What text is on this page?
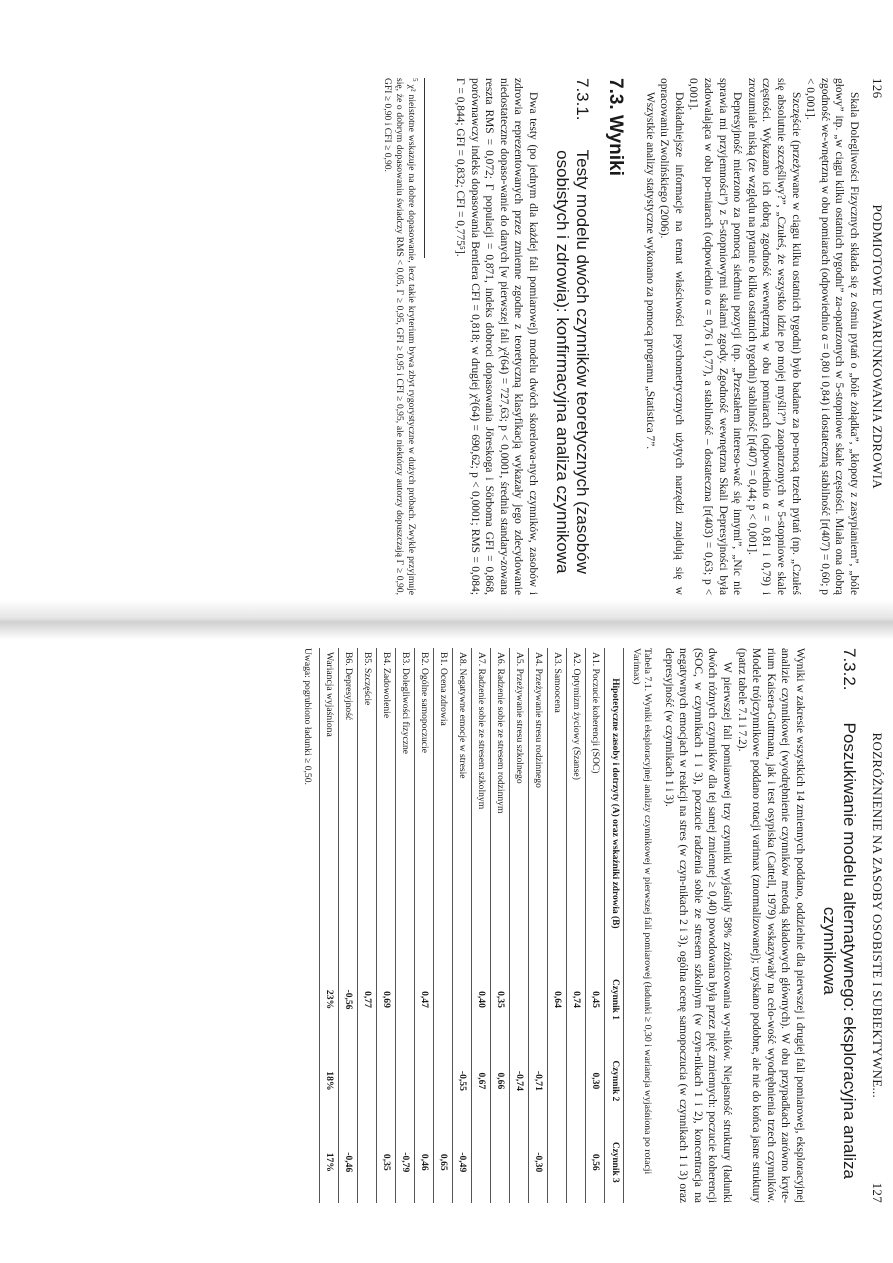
126
PODMIOTOWE UWARUNKOWANIA ZDROWIA

Skala Dolegliwości Fizycznych składa się z ośmiu pytań o „bóle żołądka”, „kłopoty z zasypianiem”, „bóle głowy” itp. „w ciągu kilku ostatnich tygodni” za-opatrzonych w 5-stopniowe skale częstości. Miała ona dobrą zgodność we-wnętrzną w obu pomiarach (odpowiednio α = 0,80 i 0,84) i dostateczną stabilność [r(407) = 0,60; p < 0,001].

Szczęście (przeżywane w ciągu kilku ostatnich tygodni) było badane za po-mocą trzech pytań (np. „Czułeś się absolutnie szczęśliwy?”, „Czułeś, że wszystko idzie po mojej myśli?”) zaopatrzonych w 5-stopniowe skale częstości. Wykazano ich dobrą zgodność wewnętrzną w obu pomiarach (odpowiednio α = 0,81 i 0,79) i zrozumiale niską (ze względu na pytanie o kilka ostatnich tygodni) stabilność [r(407) = 0,44; p < 0,001].

Depresyjność mierzono za pomocą siedmiu pozycji (np. „Przestałem intereso-wać się innymi”, „Nic nie sprawia mi przyjemności”) z 5-stopniowymi skalami zgody. Zgodność wewnętrzna Skali Depresyjności była zadowalająca w obu po-miarach (odpowiednio α = 0,76 i 0,77), a stabilność – dostateczna [r(403) = 0,63; p < 0,001].

Dokładniejsze informacje na temat właściwości psychometrycznych użytych narzędzi znajdują się w opracowaniu Zwolińskiego (2006).

Wszystkie analizy statystyczne wykonano za pomocą programu „Statistica 7”.

7.3. Wyniki
7.3.1.
Testy modelu dwóch czynników teoretycznych (zasobów osobistych i zdrowia): konfirmacyjna analiza czynnikowa

Dwa testy (po jednym dla każdej fali pomiarowej) modelu dwóch skorelowa-nych czynników, zasobów i zdrowia reprezentowanych przez zmienne zgodne z teoretyczną klasyfikacją wykazały jego zdecydowanie niedostateczne dopaso-wanie do danych [w pierwszej fali χ²(64) = 727,63; p < 0,0001, średnia standary-zowana reszta RMS = 0,072; Γ populacji = 0,871, indeks dobroci dopasowania Jöreskoga i Sörboma GFI = 0,868, porównawczy indeks dopasowania Bentlera CFI = 0,818; w drugiej χ²(64) = 690,62; p < 0,0001; RMS = 0,084; Γ = 0,844; GFI = 0,832; CFI = 0,775⁵].

$^5$ χ² nieistotne wskazuje na dobre dopasowanie, lecz takie kryterium bywa zbyt rygorystyczne w dużych próbach. Zwykle przyjmuje się, że o dobrym dopasowaniu świadczy RMS < 0,05, Γ ≥ 0,95, GFI ≥ 0,95 i CFI ≥ 0,95, ale niektórzy autorzy dopuszczają Γ ≥ 0,90, GFI ≥ 0,90 i CFI ≥ 0,90.

ROZRÓŻNIENIE NA ZASOBY OSOBISTE I SUBIEKTYWNE...
127
7.3.2.
Poszukiwanie modelu alternatywnego: eksploracyjna analiza czynnikowa

Wyniki w zakresie wszystkich 14 zmiennych poddano, oddzielnie dla pierwszej i drugiej fali pomiarowej, eksploracyjnej analizie czynnikowej (wyodrębnienie czynników metodą składowych głównych). W obu przypadkach zarówno kryte-rium Kaisera-Guttmana, jak i test osypiska (Cattell, 1979) wskazywały na celo-wość wyodrębnienia trzech czynników. Modele trójczynnikowe poddano rotacji varimax (znormalizowanej); uzyskano podobne, ale nie do końca jasne struktury (patrz tabele 7.1 i 7.2).

W pierwszej fali pomiarowej trzy czynniki wyjaśniły 58% zróżnicowania wy-ników. Niejasność struktury (ładunki dwóch różnych czynników dla tej samej zmiennej ≥ 0,40) powodowana była przez pięć zmiennych: poczucie koherencji (SOC, w czynnikach 1 i 3), poczucie radzenia sobie ze stresem szkolnym (w czyn-nikach 1 i 2), koncentracja na negatywnych emocjach w reakcji na stres (w czyn-nikach 2 i 3), ogólna ocenę samopoczucia (w czynnikach 1 i 3) oraz depresyjność (w czynnikach 1 i 3).

Tabela 7.1. Wyniki eksploracyjnej analizy czynnikowej w pierwszej fali pomiarowej (ładunki ≥ 0,30 i wariancja wyjaśniona po rotacji Varimax)
Hipotetyczne zasoby i dotrzyty (A) oraz wskaźniki zdrowia (B)	Czynnik 1	Czynnik 2	Czynnik 3
A1. Poczucie koherencji (SOC)	0,45	0,30	0,56
A2. Optymizm życiowy (Szanse)	0,74		
A3. Samoocena	0,64		
A4. Przeżywanie stresu rodzinnego		-0,71	-0,30
A5. Przeżywanie stresu szkolnego		-0,74	
A6. Radzenie sobie ze stresem rodzinnym	0,35	0,66	
A7. Radzenie sobie ze stresem szkolnym	0,40	0,67	
A8. Negatywne emocje w stresie		-0,55	-0,49
B1. Ocena zdrowia			0,65
B2. Ogólne samopoczucie	0,47		0,46
B3. Dolegliwości fizyczne			-0,79
B4. Zadowolenie	0,69		0,35
B5. Szczęście	0,77		
B6. Depresyjność	-0,56		-0,46
Wariancja wyjaśniona	23%	18%	17%
Uwaga: pogrubiono ładunki ≥ 0,50.
